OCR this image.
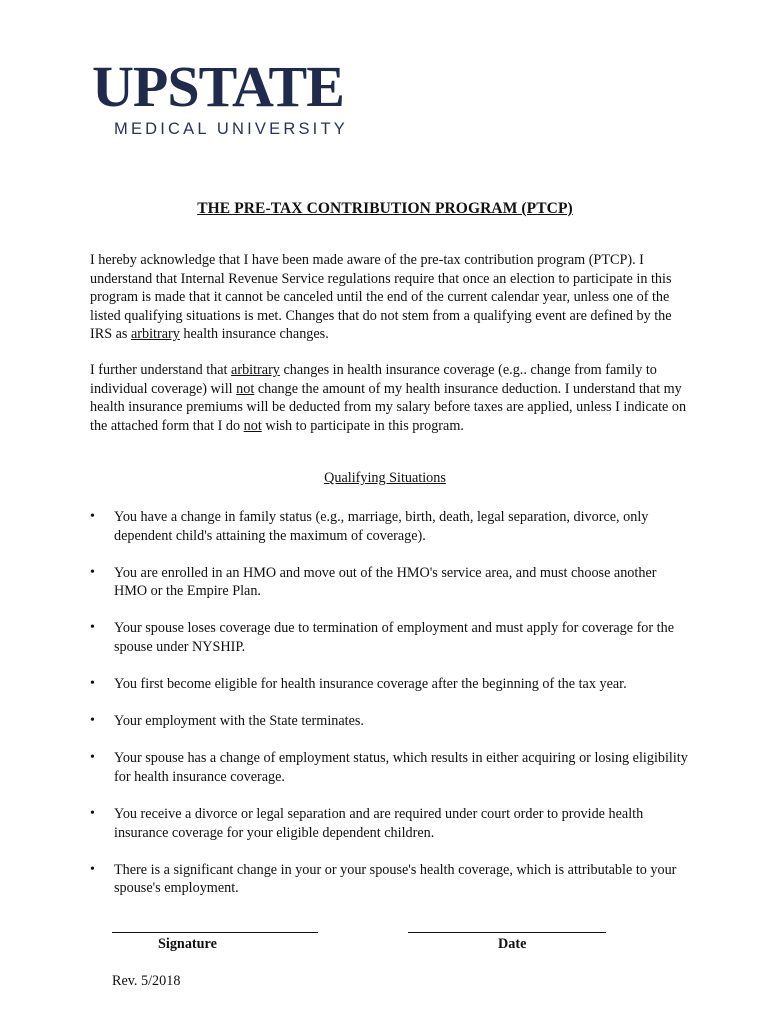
UPSTATE
MEDICAL UNIVERSITY
THE PRE-TAX CONTRIBUTION PROGRAM (PTCP)
I hereby acknowledge that I have been made aware of the pre-tax contribution program (PTCP). I understand that Internal Revenue Service regulations require that once an election to participate in this program is made that it cannot be canceled until the end of the current calendar year, unless one of the listed qualifying situations is met. Changes that do not stem from a qualifying event are defined by the IRS as arbitrary health insurance changes.
I further understand that arbitrary changes in health insurance coverage (e.g.. change from family to individual coverage) will not change the amount of my health insurance deduction. I understand that my health insurance premiums will be deducted from my salary before taxes are applied, unless I indicate on the attached form that I do not wish to participate in this program.
Qualifying Situations
• You have a change in family status (e.g., marriage, birth, death, legal separation, divorce, only dependent child's attaining the maximum of coverage).
• You are enrolled in an HMO and move out of the HMO's service area, and must choose another HMO or the Empire Plan.
• Your spouse loses coverage due to termination of employment and must apply for coverage for the spouse under NYSHIP.
• You first become eligible for health insurance coverage after the beginning of the tax year.
• Your employment with the State terminates.
• Your spouse has a change of employment status, which results in either acquiring or losing eligibility for health insurance coverage.
• You receive a divorce or legal separation and are required under court order to provide health insurance coverage for your eligible dependent children.
• There is a significant change in your or your spouse's health coverage, which is attributable to your spouse's employment.
Signature	Date
Rev. 5/2018
